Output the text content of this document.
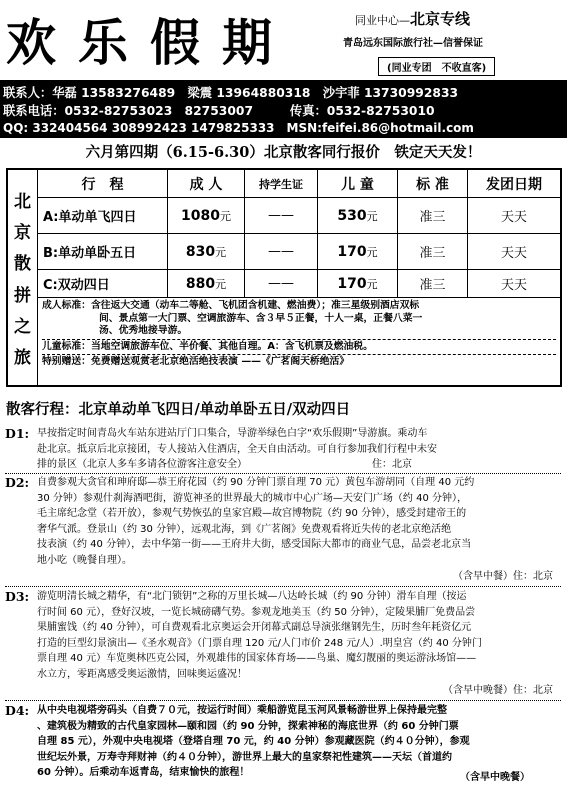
欢乐假期	同业中心—北京专线
青岛远东国际旅行社—信誉保证
(同业专团　不收直客)
联系人：华磊 13583276489　梁震 13964880318　沙宇菲 13730992833
联系电话：0532-82753023　82753007　　　传真：0532-82753010
QQ: 332404564 308992423 1479825333　MSN:feifei.86@hotmail.com
六月第四期（6.15-6.30）北京散客同行报价　铁定天天发！
北
京
散
拼
之
旅
行　程	成 人	持学生证	儿 童	标 准	发团日期
A:单动单飞四日	1080 元	——	530 元	准三	天天
B:单动单卧五日	830 元	——	170 元	准三	天天
C:双动四日	880 元	——	170 元	准三	天天
成人标准：含往返大交通（动车二等舱、飞机团含机建、燃油费）；准三星级别酒店双标
间、景点第一大门票、空调旅游车、含３早５正餐，十人一桌，正餐八菜一
汤、优秀地接导游。
儿童标准：当地空调旅游车位、半价餐、其他自理。A：含飞机票及燃油税。
特别赠送：免费赠送观赏老北京绝活绝技表演 ——《广茗阁天桥绝活》
散客行程：北京单动单飞四日/单动单卧五日/双动四日
D1: 早按指定时间青岛火车站东进站厅门口集合，导游举绿色白字“欢乐假期”导游旗。乘动车
赴北京。抵京后北京接团，专人接站入住酒店，全天自由活动。可自行参加我们行程中未安
排的景区（北京人多车多请各位游客注意安全）　　　　　　　　　　　　　住：北京
D2: 自费参观大贪官和珅府邸—恭王府花园（约 90 分钟门票自理 70 元）黄包车游胡同（自理 40 元约
30 分钟）参观什刹海酒吧街，游览神圣的世界最大的城市中心广场—天安门广场（约 40 分钟），
毛主席纪念堂（若开放），参观气势恢弘的皇家宫殿—故宫博物院（约 90 分钟），感受封建帝王的
奢华气派。登景山（约 30 分钟），远观北海，到《广茗阁》免费观看将近失传的老北京绝活绝
技表演（约 40 分钟），去中华第一街——王府井大街，感受国际大都市的商业气息，品尝老北京当
地小吃（晚餐自理）。
（含早中餐）住：北京
D3: 游览明清长城之精华，有“北门锁钥”之称的万里长城—八达岭长城（约 90 分钟）滑车自理（按运
行时间 60 元），登好汉坡，一览长城磅礴气势。参观龙地美玉（约 50 分钟），定陵果脯厂免费品尝
果脯蜜饯（约 40 分钟），可自费观看北京奥运会开闭幕式副总导演张继钢先生，历时叁年耗资亿元
打造的巨型幻景演出—《圣水观音》（门票自理 120 元/人门市价 248 元/人）.明皇宫（约 40 分钟门
票自理 40 元）车览奥林匹克公园，外观雄伟的国家体育场——鸟巢、魔幻靓丽的奥运游泳场馆——
水立方，零距离感受奥运激情，回味奥运盛况！
（含早中晚餐）住：北京
D4: 从中央电视塔旁码头（自费７０元，按运行时间）乘船游览昆玉河风景畅游世界上保持最完整
、建筑极为精致的古代皇家园林—颐和园（约 90 分钟，探索神秘的海底世界（约 60 分钟门票
自理 85 元），外观中央电视塔（登塔自理 70 元，约 40 分钟）参观藏医院（约４０分钟），参观
世纪坛外景，万寿寺拜财神（约４０分钟），游世界上最大的皇家祭祀性建筑——天坛（首道约
60 分钟）。后乘动车返青岛，结束愉快的旅程！	（含早中晚餐）
